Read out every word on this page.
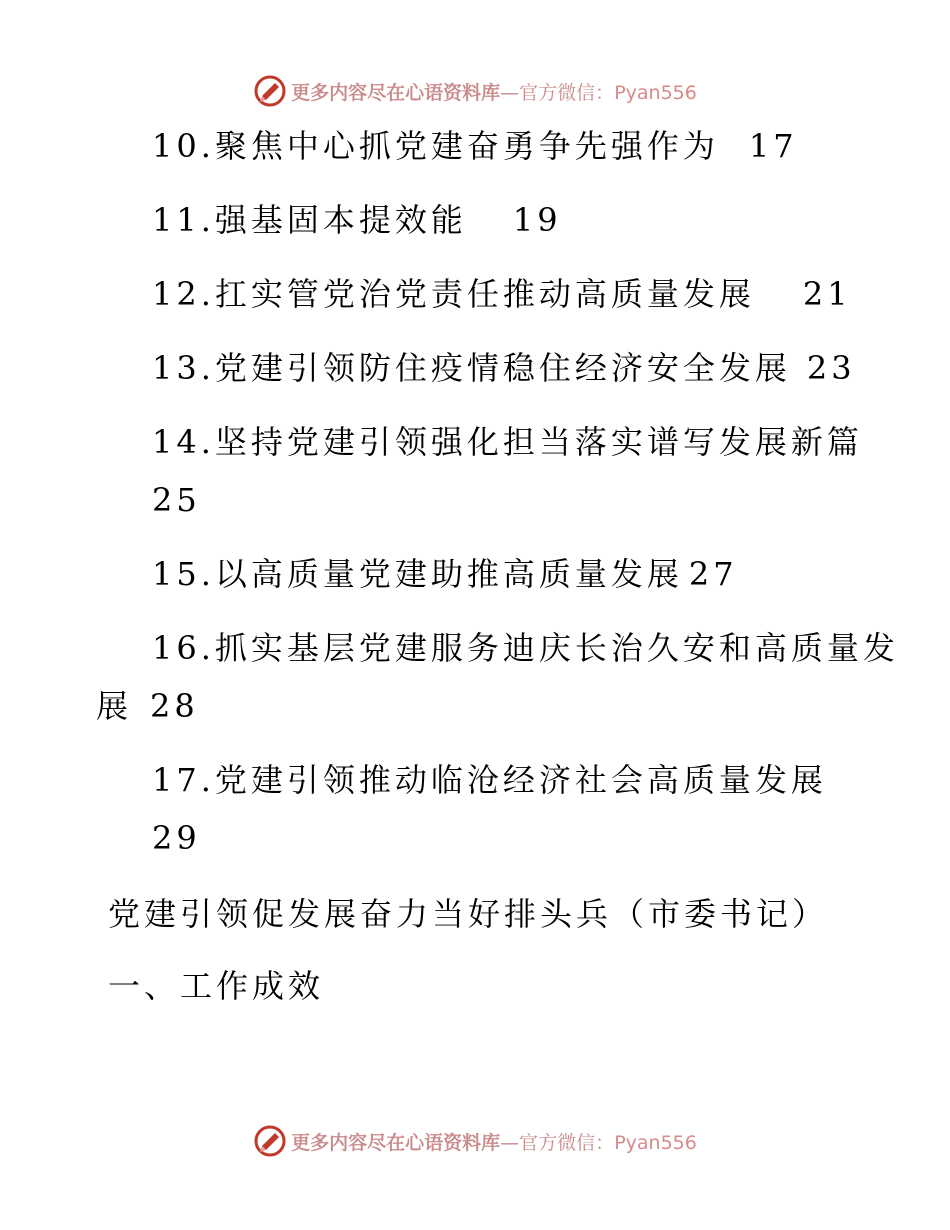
更多内容尽在心语资料库—官方微信：Pyan556
10.聚焦中心抓党建奋勇争先强作为 17
11.强基固本提效能 19
12.扛实管党治党责任推动高质量发展 21
13.党建引领防住疫情稳住经济安全发展 23
14.坚持党建引领强化担当落实谱写发展新篇
25
15.以高质量党建助推高质量发展 27
16.抓实基层党建服务迪庆长治久安和高质量发
展 28
17.党建引领推动临沧经济社会高质量发展
29
党建引领促发展奋力当好排头兵（市委书记）
一、工作成效
更多内容尽在心语资料库—官方微信：Pyan556
